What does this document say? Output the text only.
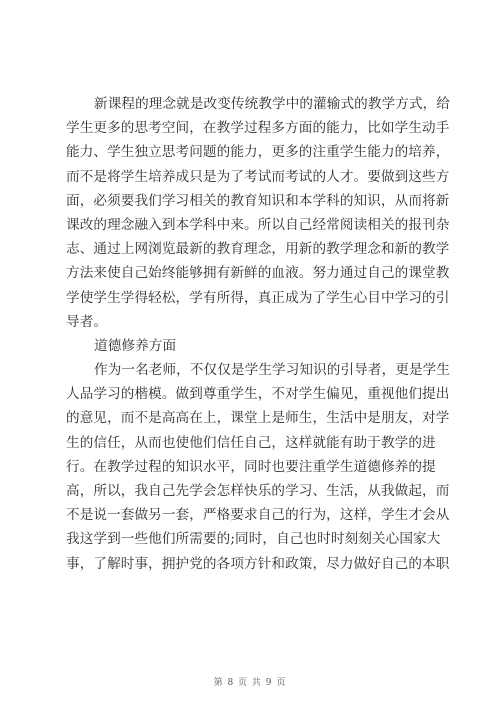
新课程的理念就是改变传统教学中的灌输式的教学方式，给
学生更多的思考空间，在教学过程多方面的能力，比如学生动手
能力、学生独立思考问题的能力，更多的注重学生能力的培养，
而不是将学生培养成只是为了考试而考试的人才。要做到这些方
面，必须要我们学习相关的教育知识和本学科的知识，从而将新
课改的理念融入到本学科中来。所以自己经常阅读相关的报刊杂
志、通过上网浏览最新的教育理念，用新的教学理念和新的教学
方法来使自己始终能够拥有新鲜的血液。努力通过自己的课堂教
学使学生学得轻松，学有所得，真正成为了学生心目中学习的引
导者。
道德修养方面
作为一名老师，不仅仅是学生学习知识的引导者，更是学生
人品学习的楷模。做到尊重学生，不对学生偏见，重视他们提出
的意见，而不是高高在上，课堂上是师生，生活中是朋友，对学
生的信任，从而也使他们信任自己，这样就能有助于教学的进
行。在教学过程的知识水平，同时也要注重学生道德修养的提
高，所以，我自己先学会怎样快乐的学习、生活，从我做起，而
不是说一套做另一套，严格要求自己的行为，这样，学生才会从
我这学到一些他们所需要的;同时，自己也时时刻刻关心国家大
事，了解时事，拥护党的各项方针和政策，尽力做好自己的本职
第 8 页 共 9 页
